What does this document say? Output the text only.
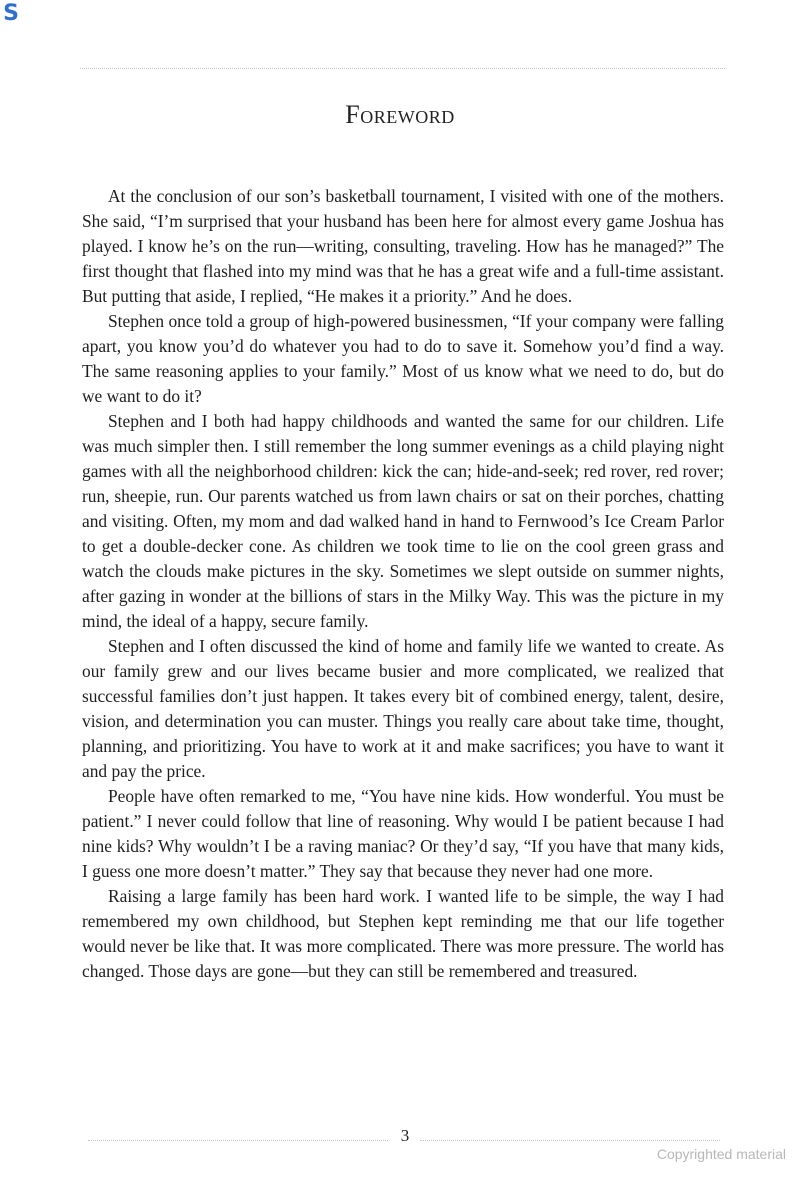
S
Foreword

At the conclusion of our son’s basketball tournament, I visited with one of the mothers. She said, “I’m surprised that your husband has been here for almost every game Joshua has played. I know he’s on the run—writing, consulting, traveling. How has he managed?” The first thought that flashed into my mind was that he has a great wife and a full-time assistant. But putting that aside, I replied, “He makes it a priority.” And he does.

Stephen once told a group of high-powered businessmen, “If your company were falling apart, you know you’d do whatever you had to do to save it. Somehow you’d find a way. The same reasoning applies to your family.” Most of us know what we need to do, but do we want to do it?

Stephen and I both had happy childhoods and wanted the same for our children. Life was much simpler then. I still remember the long summer evenings as a child playing night games with all the neighborhood children: kick the can; hide-and-seek; red rover, red rover; run, sheepie, run. Our parents watched us from lawn chairs or sat on their porches, chatting and visiting. Often, my mom and dad walked hand in hand to Fernwood’s Ice Cream Parlor to get a double-decker cone. As children we took time to lie on the cool green grass and watch the clouds make pictures in the sky. Sometimes we slept outside on summer nights, after gazing in wonder at the billions of stars in the Milky Way. This was the picture in my mind, the ideal of a happy, secure family.

Stephen and I often discussed the kind of home and family life we wanted to create. As our family grew and our lives became busier and more complicated, we realized that successful families don’t just happen. It takes every bit of combined energy, talent, desire, vision, and determination you can muster. Things you really care about take time, thought, planning, and prioritizing. You have to work at it and make sacrifices; you have to want it and pay the price.

People have often remarked to me, “You have nine kids. How wonderful. You must be patient.” I never could follow that line of reasoning. Why would I be patient because I had nine kids? Why wouldn’t I be a raving maniac? Or they’d say, “If you have that many kids, I guess one more doesn’t matter.” They say that because they never had one more.

Raising a large family has been hard work. I wanted life to be simple, the way I had remembered my own childhood, but Stephen kept reminding me that our life together would never be like that. It was more complicated. There was more pressure. The world has changed. Those days are gone—but they can still be remembered and treasured.

3
Copyrighted material
